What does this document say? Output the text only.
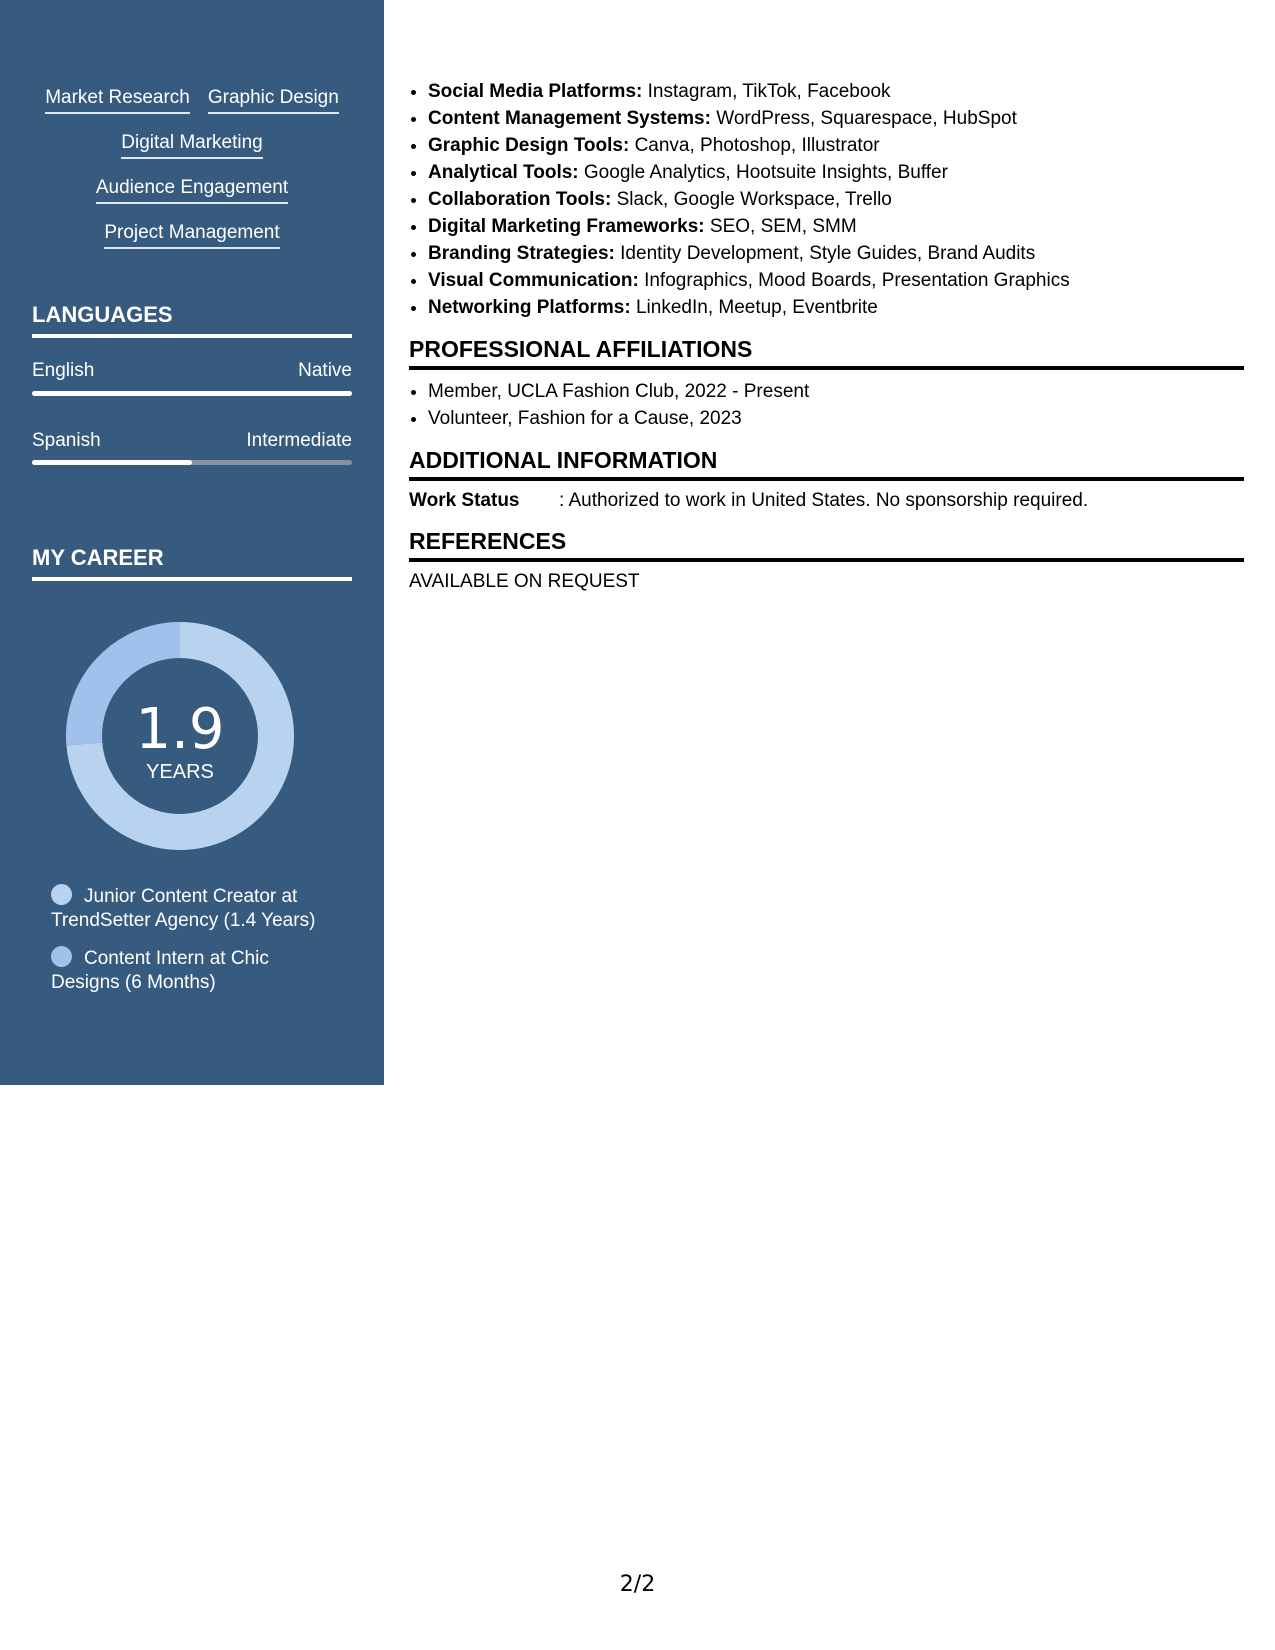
Market Research Graphic Design
Digital Marketing
Audience Engagement
Project Management
LANGUAGES
English	Native
Spanish	Intermediate
MY CAREER
1.9
YEARS
Junior Content Creator at TrendSetter Agency (1.4 Years)
Content Intern at Chic Designs (6 Months)
• Social Media Platforms: Instagram, TikTok, Facebook
• Content Management Systems: WordPress, Squarespace, HubSpot
• Graphic Design Tools: Canva, Photoshop, Illustrator
• Analytical Tools: Google Analytics, Hootsuite Insights, Buffer
• Collaboration Tools: Slack, Google Workspace, Trello
• Digital Marketing Frameworks: SEO, SEM, SMM
• Branding Strategies: Identity Development, Style Guides, Brand Audits
• Visual Communication: Infographics, Mood Boards, Presentation Graphics
• Networking Platforms: LinkedIn, Meetup, Eventbrite
PROFESSIONAL AFFILIATIONS
• Member, UCLA Fashion Club, 2022 - Present
• Volunteer, Fashion for a Cause, 2023
ADDITIONAL INFORMATION
Work Status	: Authorized to work in United States. No sponsorship required.
REFERENCES
AVAILABLE ON REQUEST
2/2
